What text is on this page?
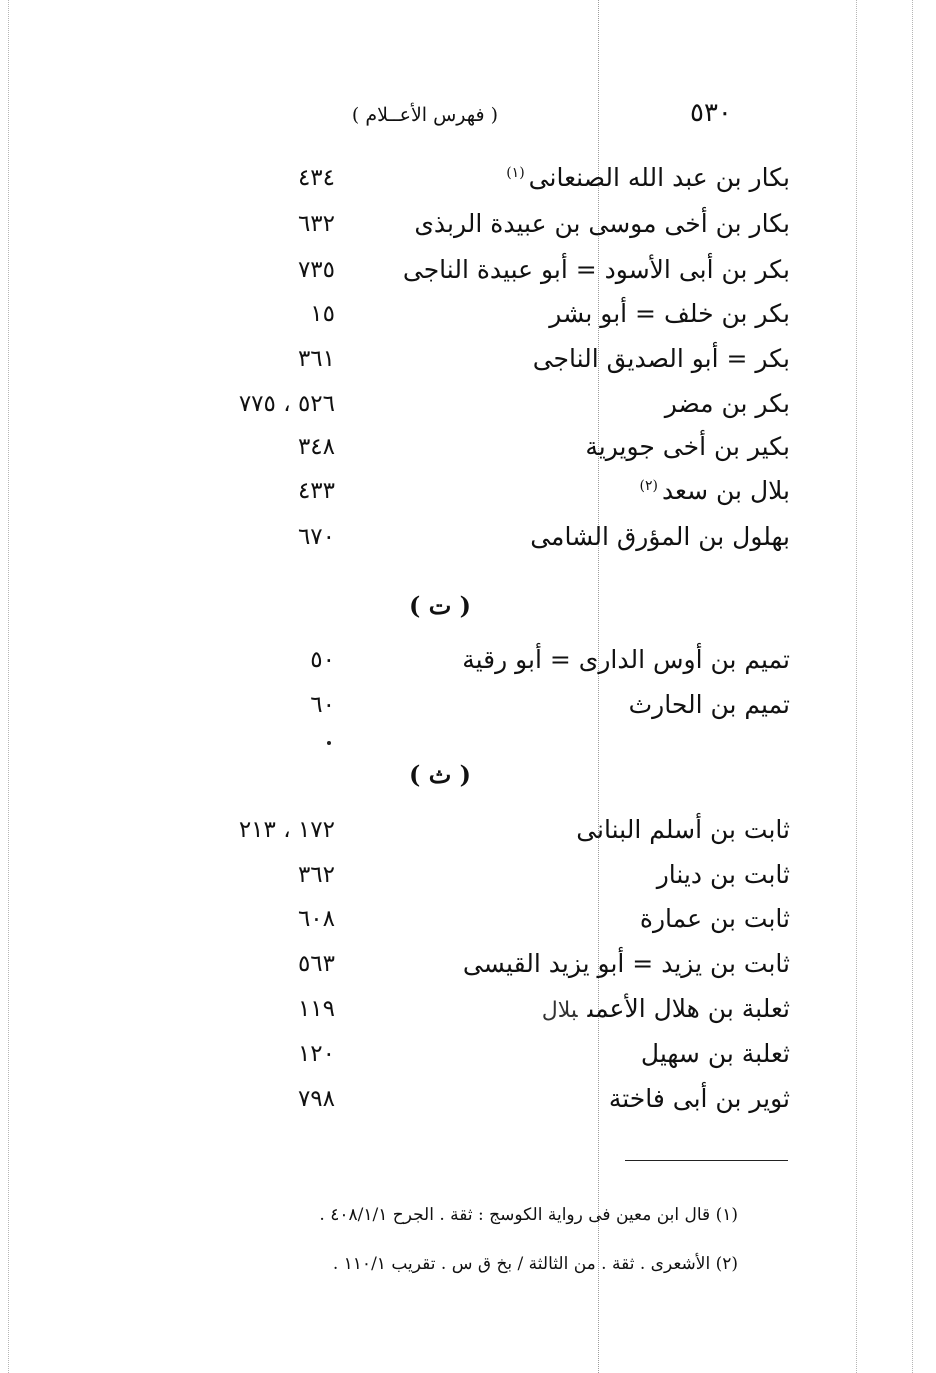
٥٣٠
( فهرس الأعــلام )
بكار بن عبد الله الصنعانى$^{(١)}$
٤٣٤
بكار بن أخى موسى بن عبيدة الربذى
٦٣٢
بكر بن أبى الأسود = أبو عبيدة الناجى
٧٣٥
بكر بن خلف = أبو بشر
١٥
بكر = أبو الصديق الناجى
٣٦١
بكر بن مضر
٥٢٦ ، ٧٧٥
بكير بن أخى جويرية
٣٤٨
بلال بن سعد$^{(٢)}$
٤٣٣
بهلول بن المؤرق الشامى
٦٧٠
( ت )
تميم بن أوس الدارى = أبو رقية
٥٠
تميم بن الحارث
٦٠
( ث )
ثابت بن أسلم البنانى
١٧٢ ، ٢١٣
ثابت بن دينار
٣٦٢
ثابت بن عمارة
٦٠٨
ثابت بن يزيد = أبو يزيد القيسى
٥٦٣
ثعلبة بن هلال الأعمىبلال
١١٩
ثعلبة بن سهيل
١٢٠
ثوير بن أبى فاختة
٧٩٨
(١) قال ابن معين فى رواية الكوسج : ثقة . الجرح ٤٠٨/١/١ .
(٢) الأشعرى . ثقة . من الثالثة / بخ ق س . تقريب ١١٠/١ .
